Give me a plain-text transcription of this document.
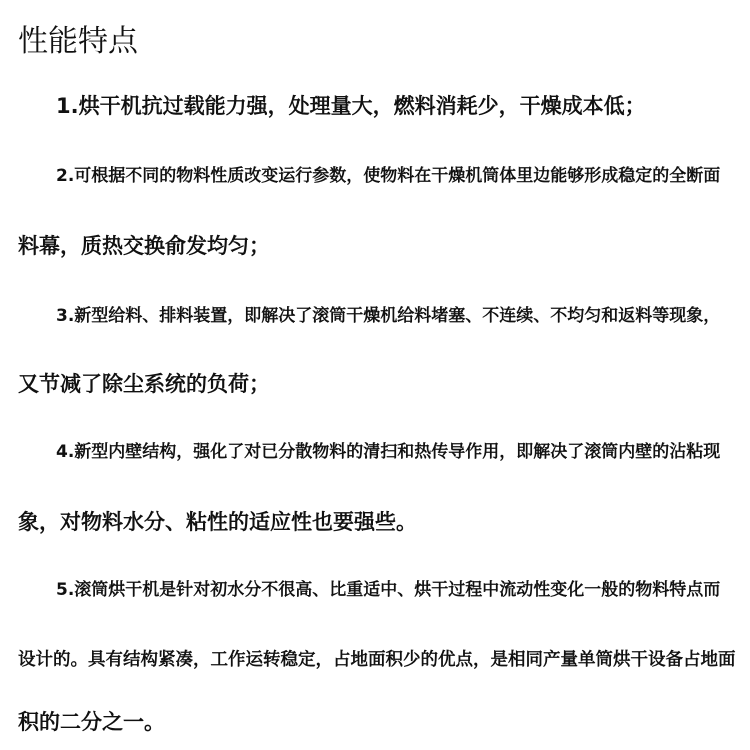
性能特点
1.烘干机抗过载能力强，处理量大，燃料消耗少，干燥成本低；
2.可根据不同的物料性质改变运行参数，使物料在干燥机筒体里边能够形成稳定的全断面
料幕，质热交换俞发均匀；
3.新型给料、排料装置，即解决了滚筒干燥机给料堵塞、不连续、不均匀和返料等现象，
又节减了除尘系统的负荷；
4.新型内壁结构，强化了对已分散物料的清扫和热传导作用，即解决了滚筒内壁的沾粘现
象，对物料水分、粘性的适应性也要强些。
5.滚筒烘干机是针对初水分不很高、比重适中、烘干过程中流动性变化一般的物料特点而
设计的。具有结构紧凑，工作运转稳定，占地面积少的优点，是相同产量单筒烘干设备占地面
积的二分之一。
